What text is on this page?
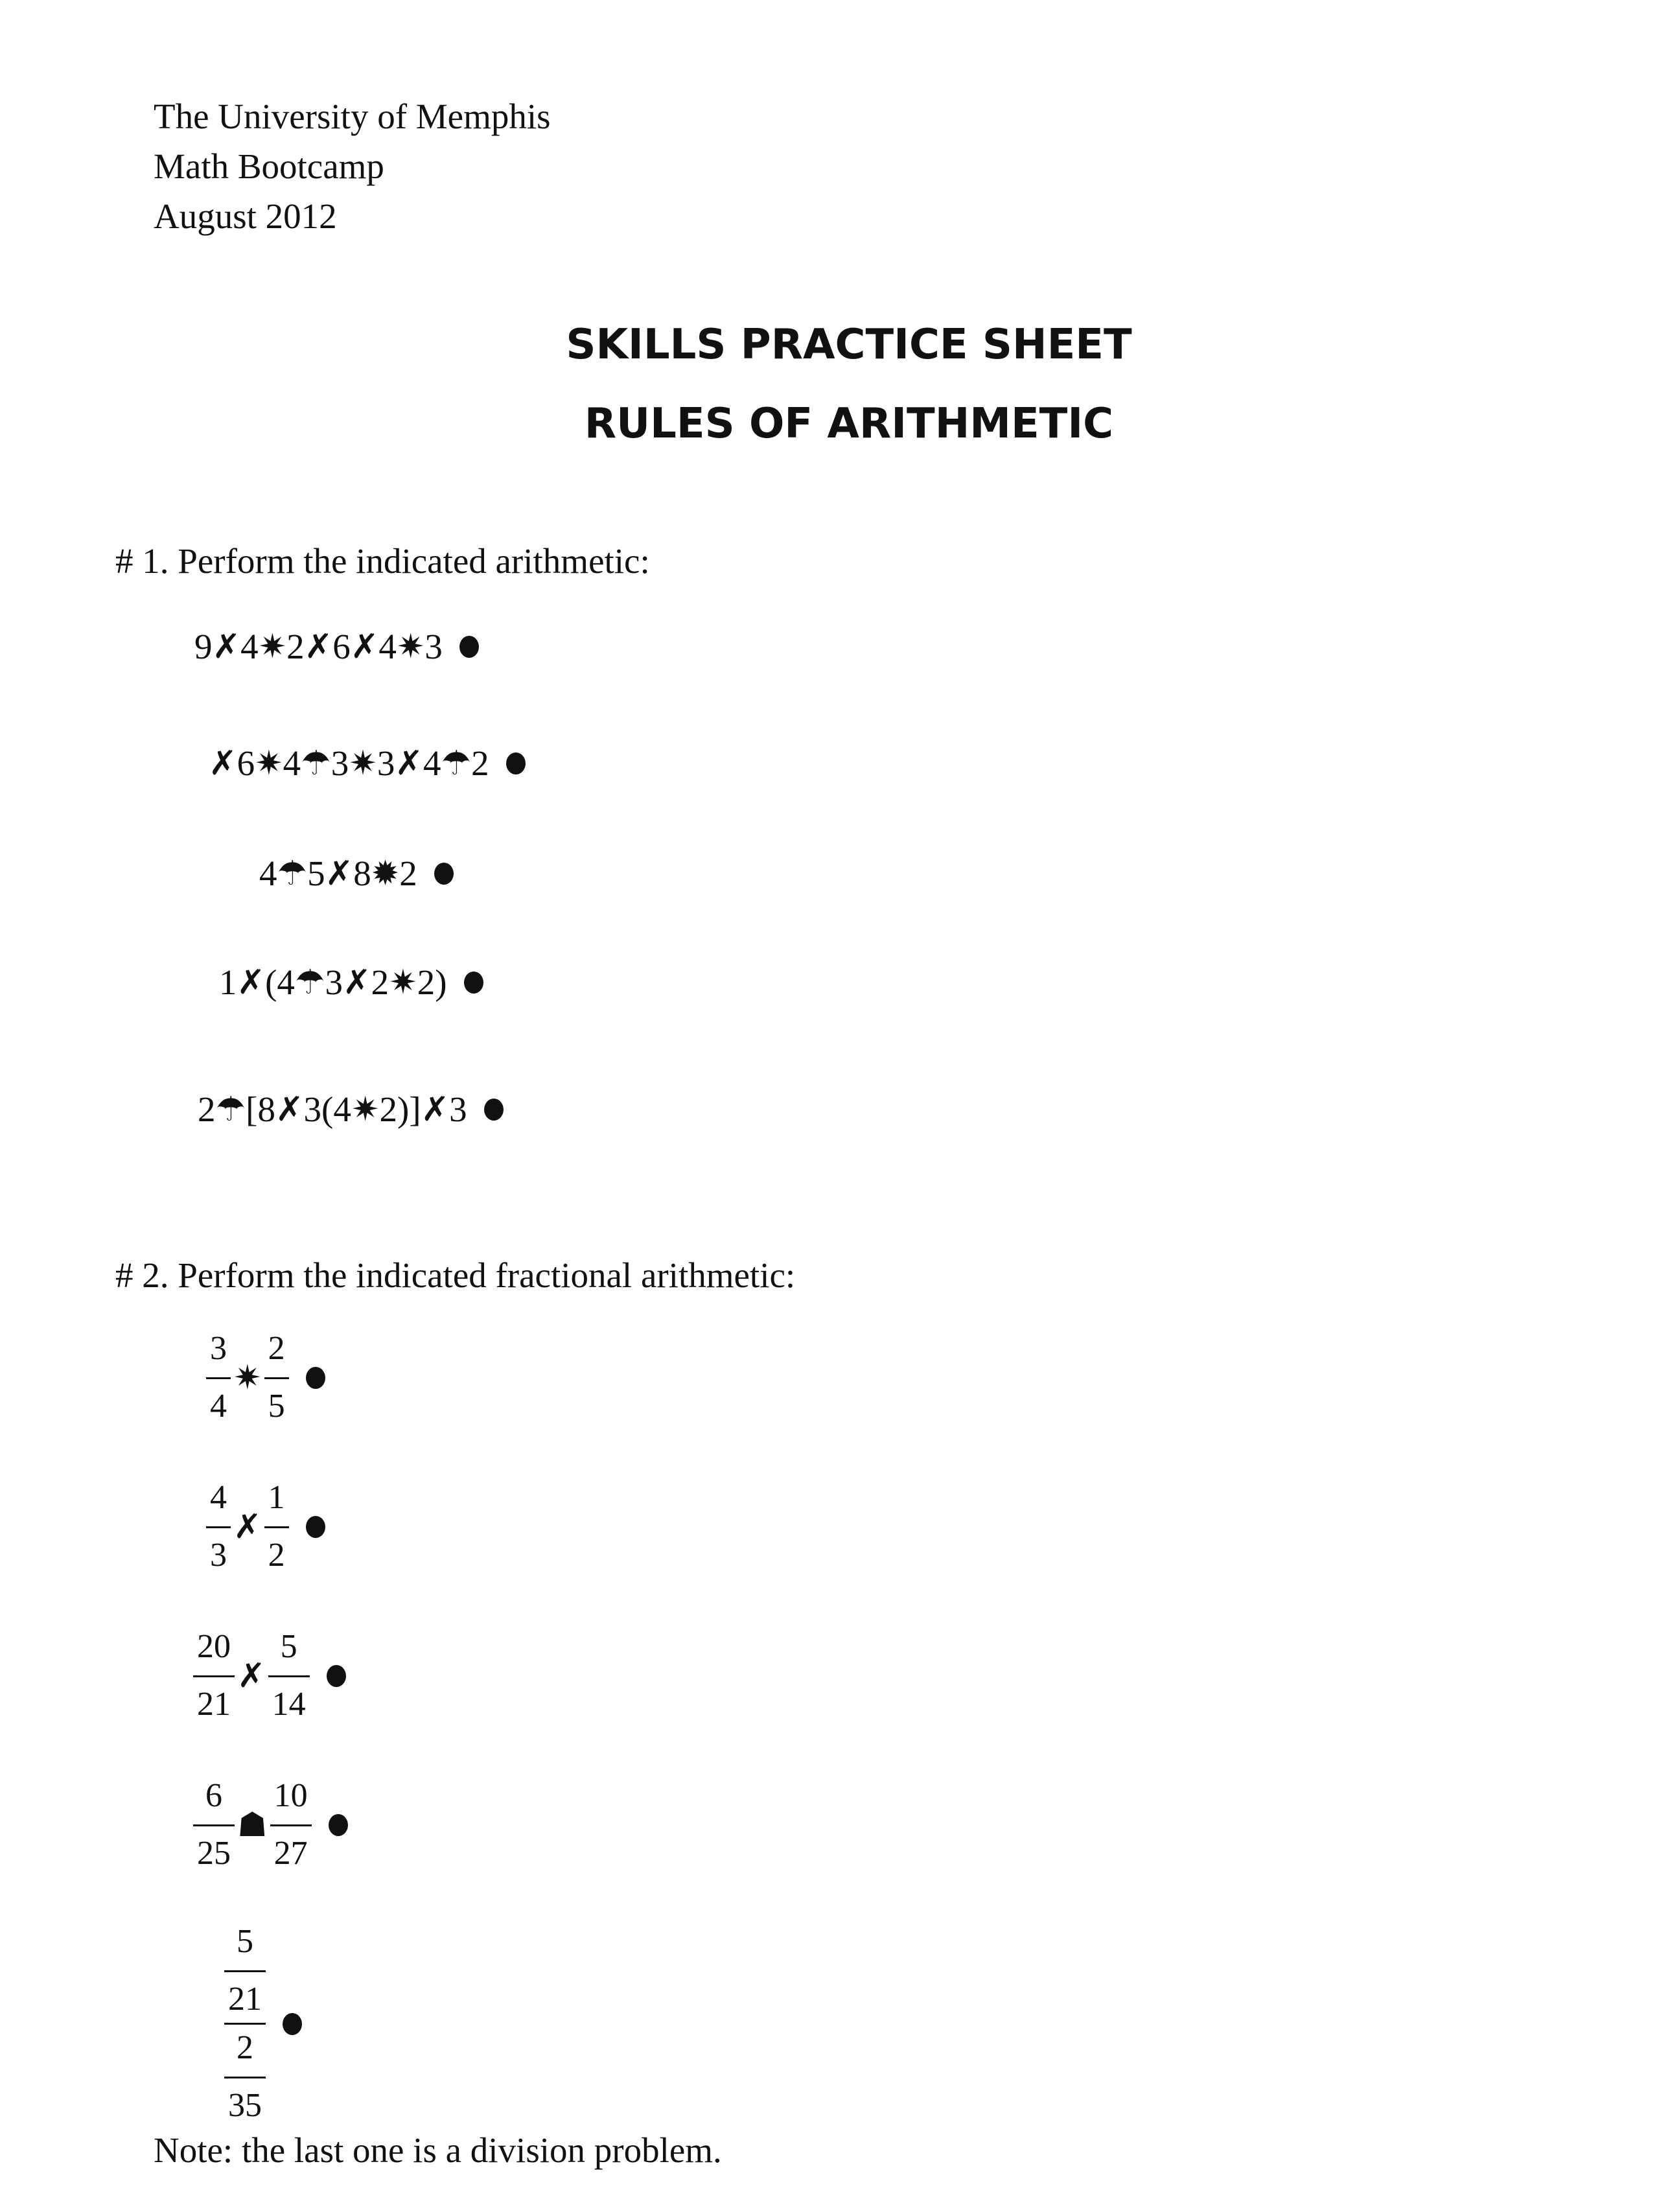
The University of Memphis
Math Bootcamp
August 2012
SKILLS PRACTICE SHEET
RULES OF ARITHMETIC
# 1. Perform the indicated arithmetic:
9 ✗ 4 ✷ 2 ✗ 6 ✗ 4 ✷ 3
✗ 6 ✷ 4 ☂ 3 ✷ 3 ✗ 4 ☂ 2
4 ☂ 5 ✗ 8 ✹ 2
1 ✗ (4 ☂ 3 ✗ 2 ✷ 2)
2 ☂ [8 ✗ 3(4 ✷ 2)] ✗ 3
# 2. Perform the indicated fractional arithmetic:
$\frac{3}{4}$ ✷ $\frac{2}{5}$
$\frac{4}{3}$ ✗ $\frac{1}{2}$
$\frac{20}{21}$ ✗ $\frac{5}{14}$
$\frac{6}{25}$ ☗ $\frac{10}{27}$
$\frac{5}{21}$
$\frac{2}{35}$
Note: the last one is a division problem.
